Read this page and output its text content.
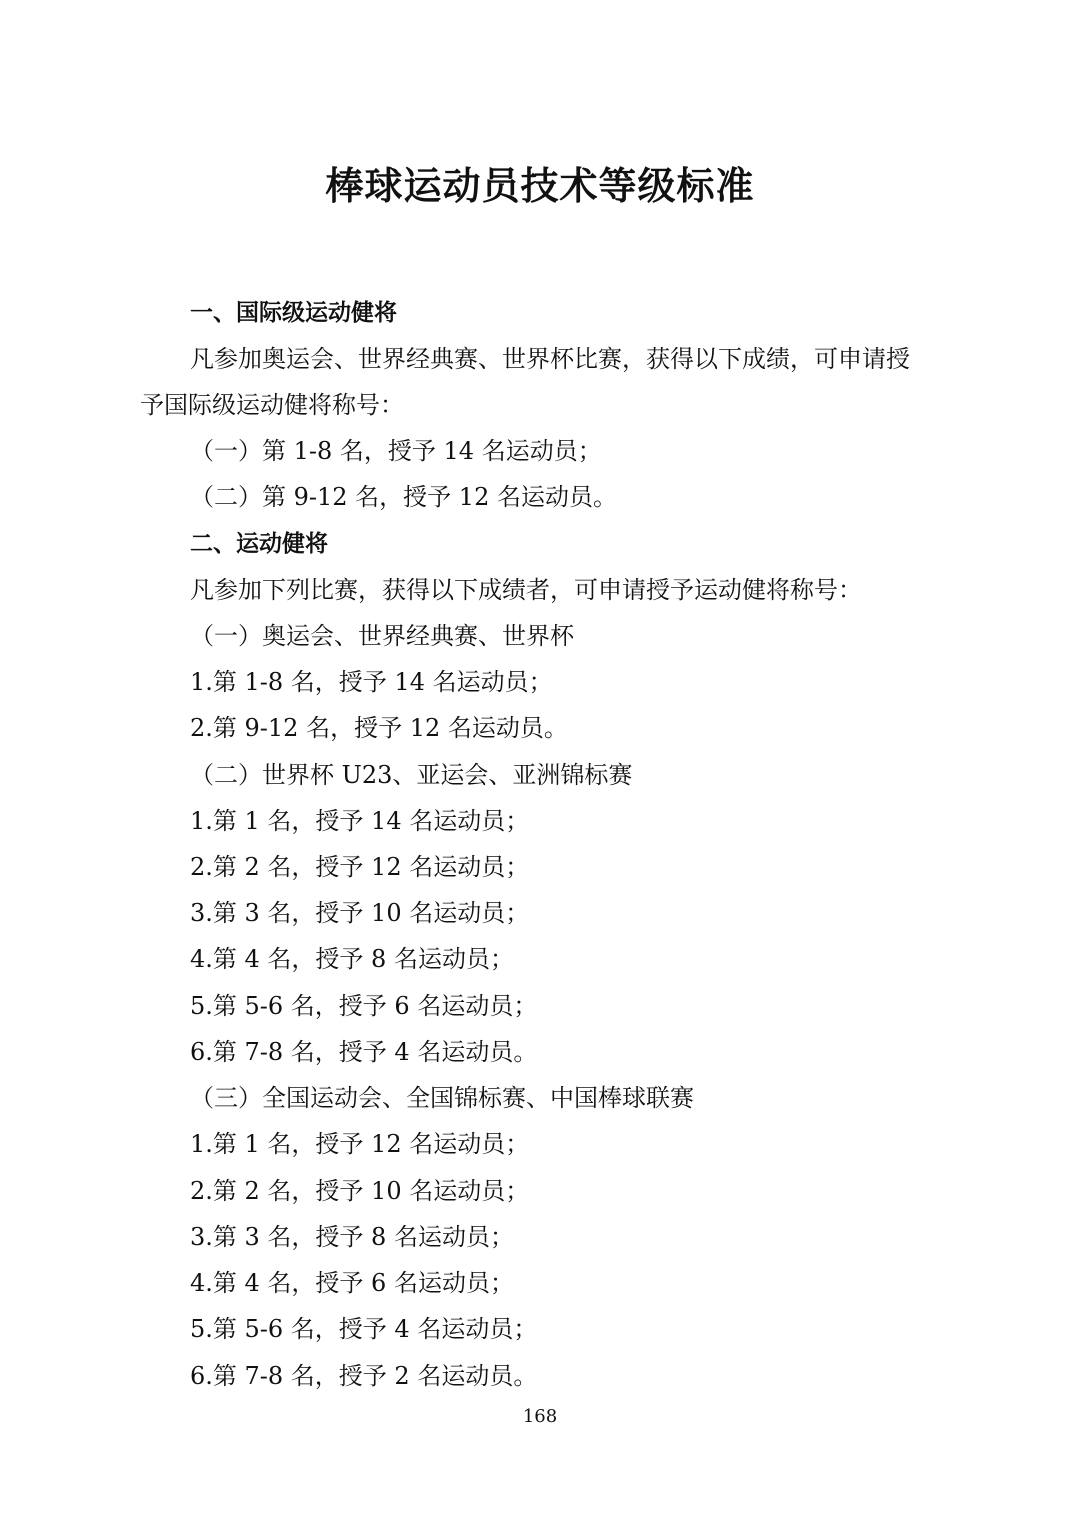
棒球运动员技术等级标准
一、国际级运动健将
凡参加奥运会、世界经典赛、世界杯比赛，获得以下成绩，可申请授
予国际级运动健将称号：
（一）第 1-8 名，授予 14 名运动员；
（二）第 9-12 名，授予 12 名运动员。
二、运动健将
凡参加下列比赛，获得以下成绩者，可申请授予运动健将称号：
（一）奥运会、世界经典赛、世界杯
1.第 1-8 名，授予 14 名运动员；
2.第 9-12 名，授予 12 名运动员。
（二）世界杯 U23、亚运会、亚洲锦标赛
1.第 1 名，授予 14 名运动员；
2.第 2 名，授予 12 名运动员；
3.第 3 名，授予 10 名运动员；
4.第 4 名，授予 8 名运动员；
5.第 5-6 名，授予 6 名运动员；
6.第 7-8 名，授予 4 名运动员。
（三）全国运动会、全国锦标赛、中国棒球联赛
1.第 1 名，授予 12 名运动员；
2.第 2 名，授予 10 名运动员；
3.第 3 名，授予 8 名运动员；
4.第 4 名，授予 6 名运动员；
5.第 5-6 名，授予 4 名运动员；
6.第 7-8 名，授予 2 名运动员。
168
